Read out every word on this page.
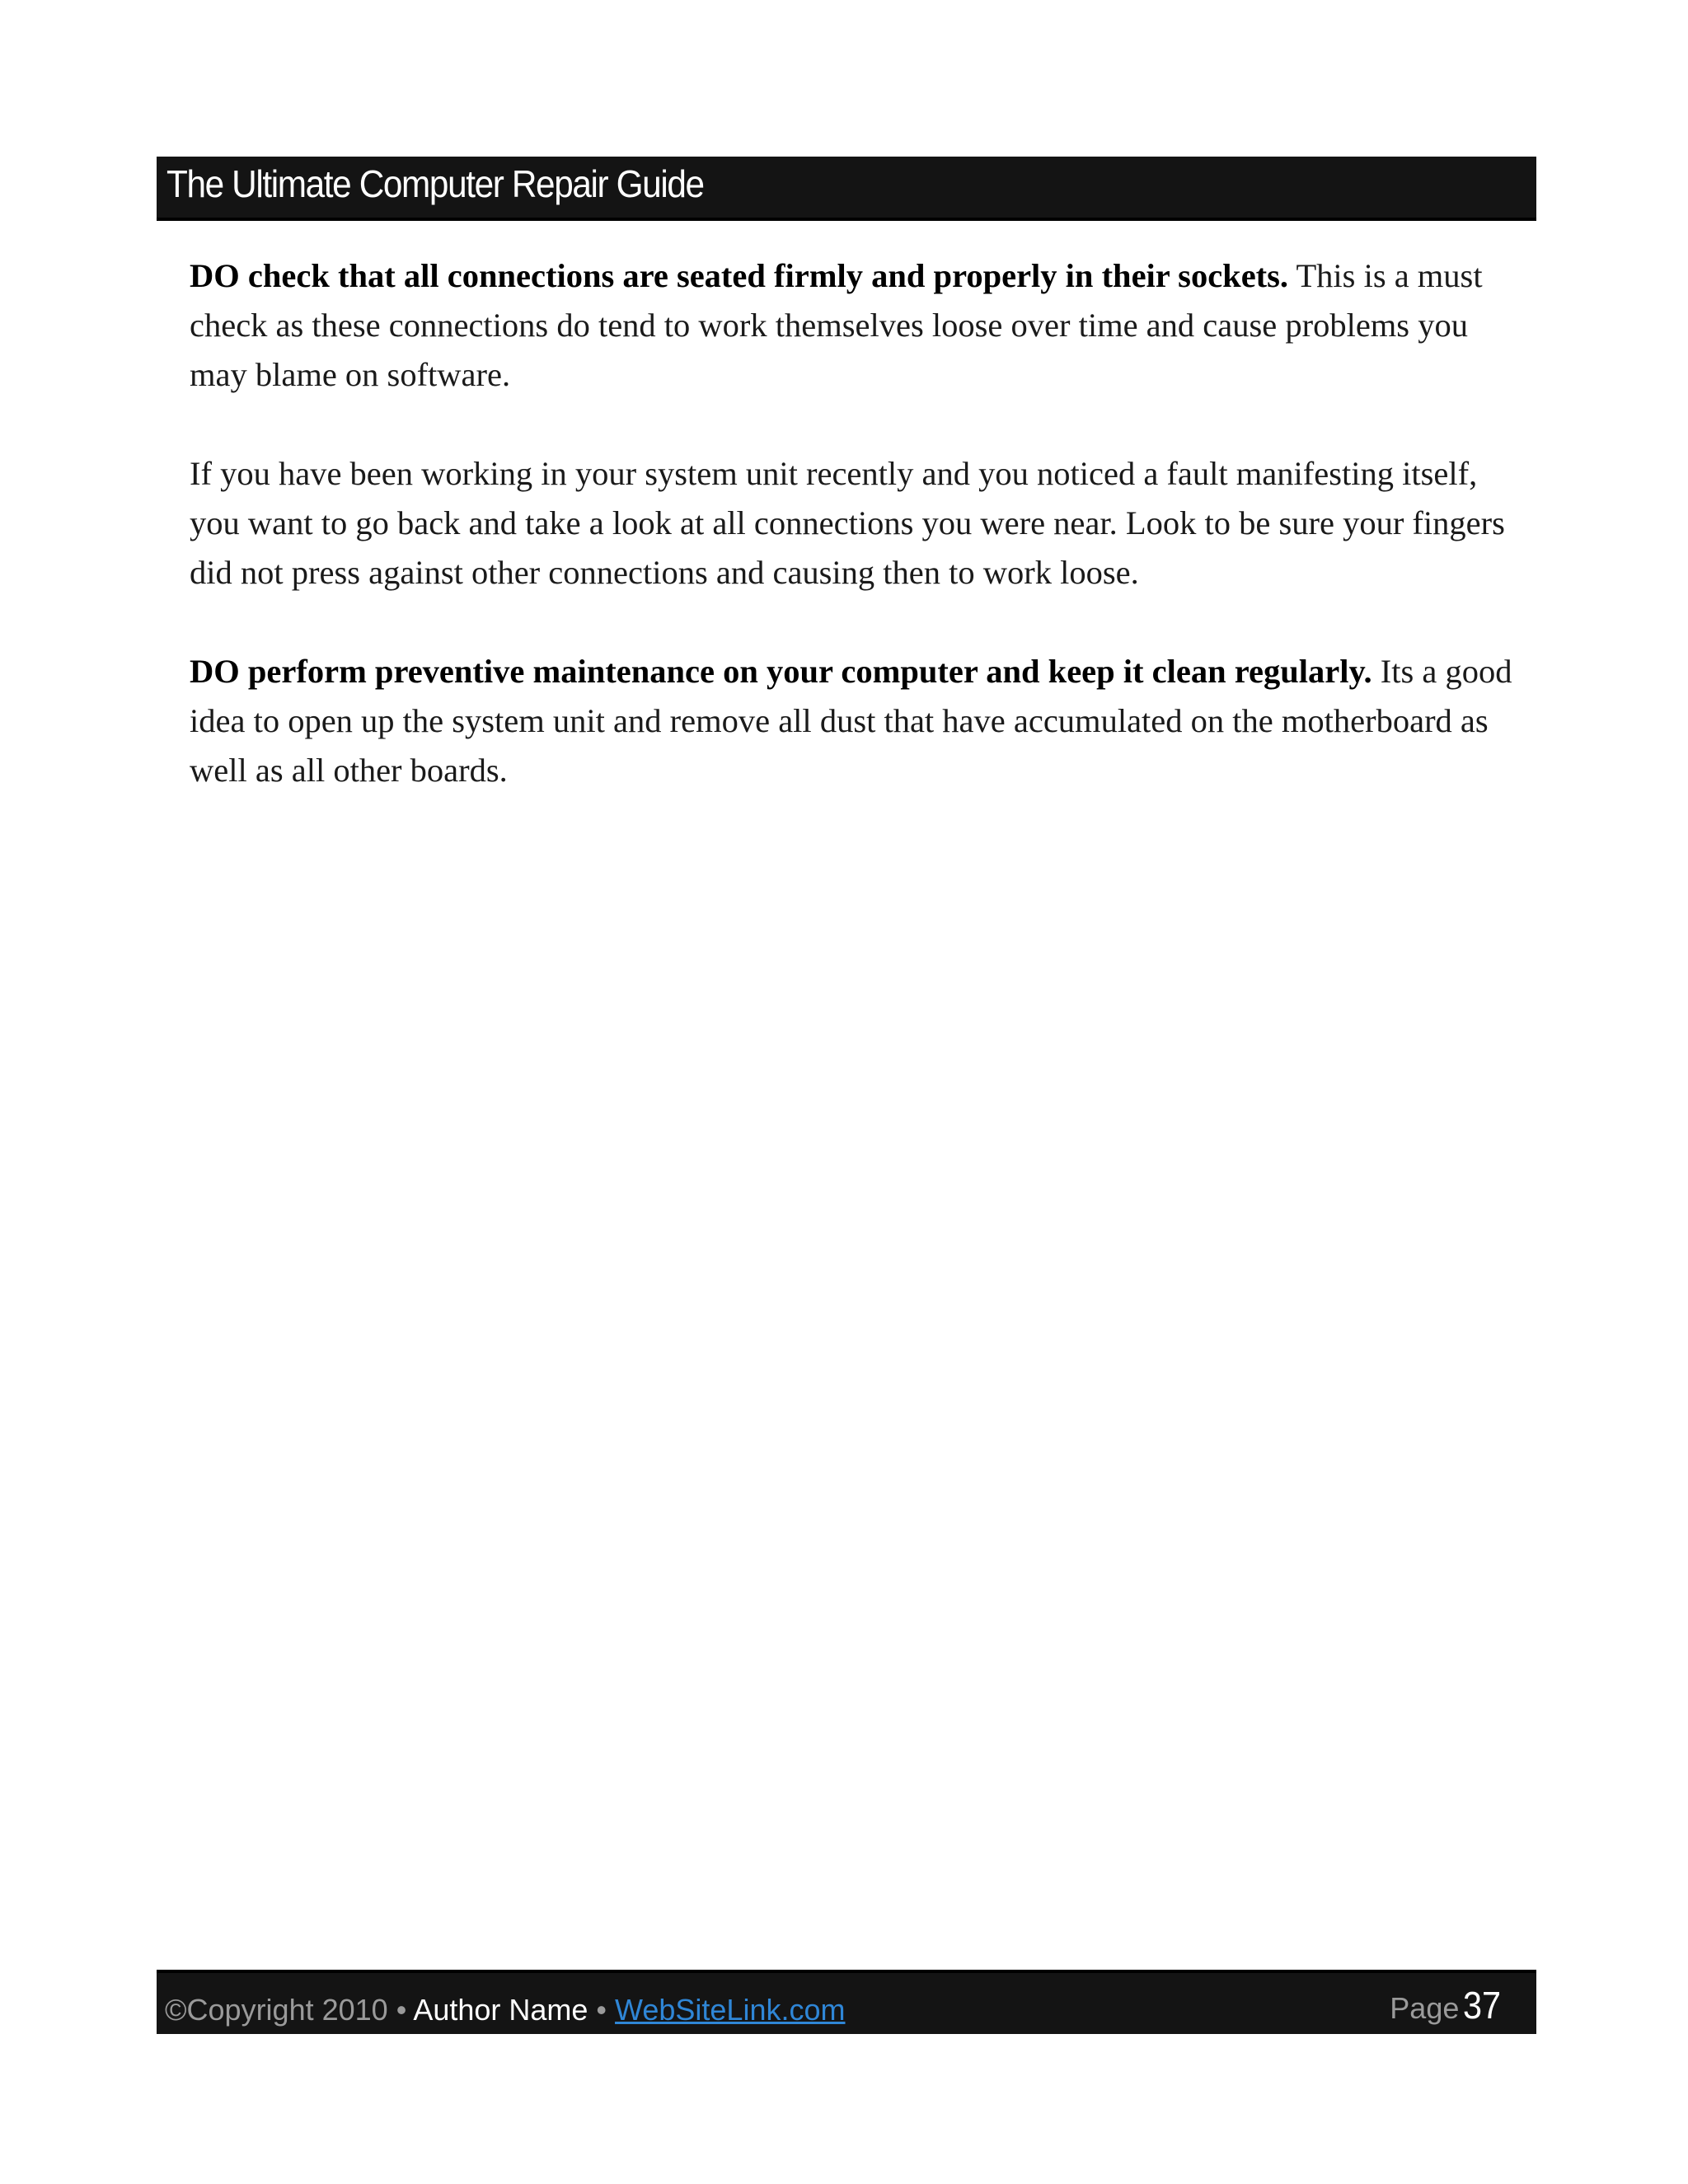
The Ultimate Computer Repair Guide

DO check that all connections are seated firmly and properly in their sockets. This is a must check as these connections do tend to work themselves loose over time and cause problems you may blame on software.

If you have been working in your system unit recently and you noticed a fault manifesting itself, you want to go back and take a look at all connections you were near. Look to be sure your fingers did not press against other connections and causing then to work loose.

DO perform preventive maintenance on your computer and keep it clean regularly. Its a good idea to open up the system unit and remove all dust that have accumulated on the motherboard as well as all other boards.

©Copyright 2010 • Author Name • WebSiteLink.com	Page 37
